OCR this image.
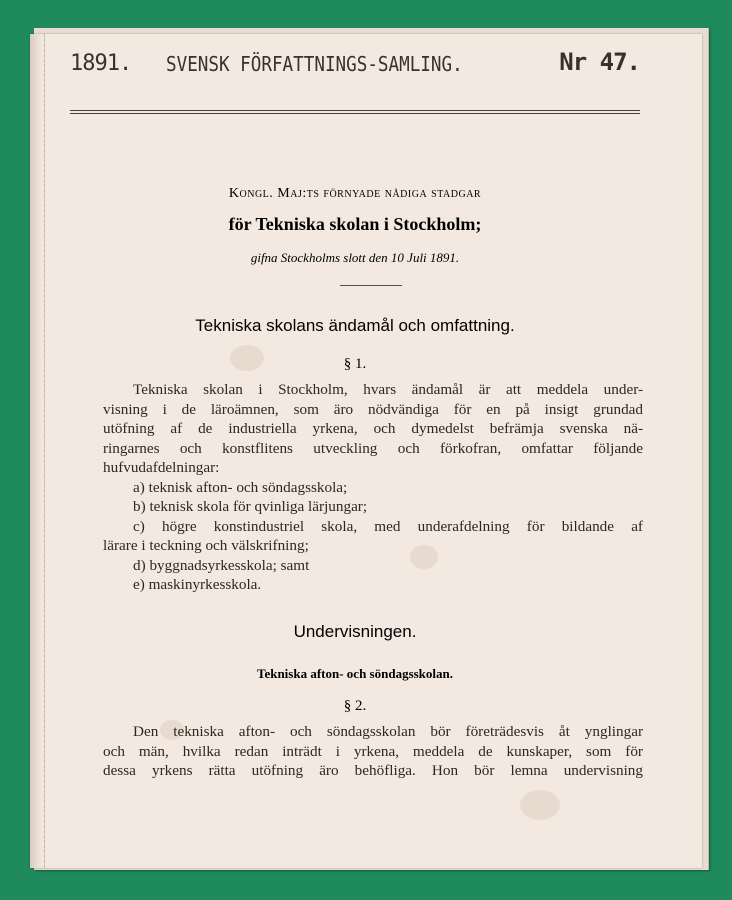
1891. SVENSK FÖRFATTNINGS-SAMLING.	Nr 47.
Kongl. Maj:ts förnyade nådiga stadgar
för Tekniska skolan i Stockholm;
gifna Stockholms slott den 10 Juli 1891.
Tekniska skolans ändamål och omfattning.
§ 1.
Tekniska skolan i Stockholm, hvars ändamål är att meddela under-
visning i de läroämnen, som äro nödvändiga för en på insigt grundad
utöfning af de industriella yrkena, och dymedelst befrämja svenska nä-
ringarnes och konstflitens utveckling och förkofran, omfattar följande
hufvudafdelningar:
a) teknisk afton- och söndagsskola;
b) teknisk skola för qvinliga lärjungar;
c) högre konstindustriel skola, med underafdelning för bildande af
lärare i teckning och välskrifning;
d) byggnadsyrkesskola; samt
e) maskinyrkesskola.
Undervisningen.
Tekniska afton- och söndagsskolan.
§ 2.
Den tekniska afton- och söndagsskolan bör företrädesvis åt ynglingar
och män, hvilka redan inträdt i yrkena, meddela de kunskaper, som för
dessa yrkens rätta utöfning äro behöfliga. Hon bör lemna undervisning
